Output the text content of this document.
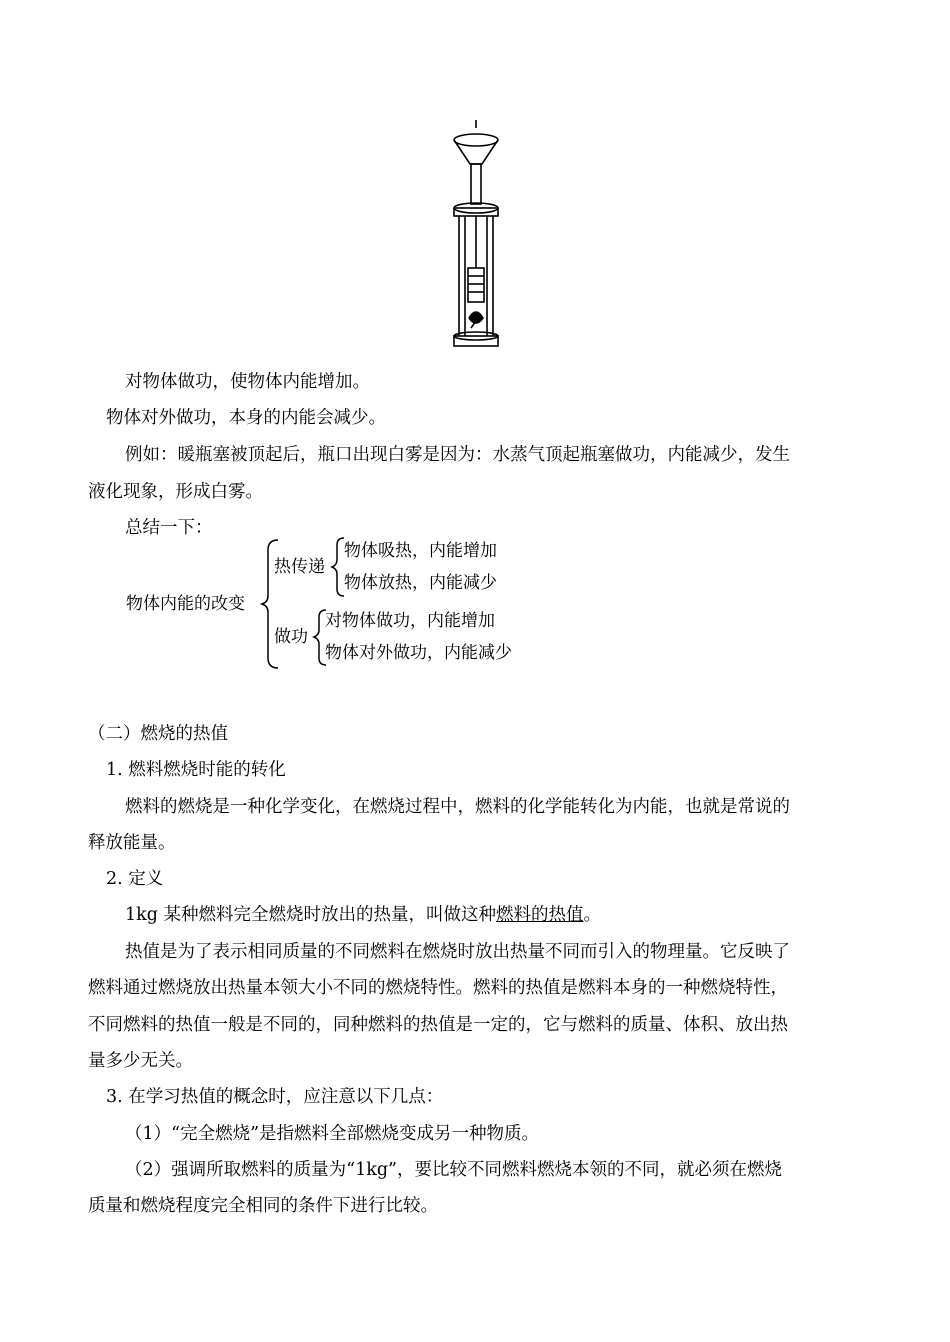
对物体做功，使物体内能增加。
物体对外做功，本身的内能会减少。
例如：暖瓶塞被顶起后，瓶口出现白雾是因为：水蒸气顶起瓶塞做功，内能减少，发生
液化现象，形成白雾。
总结一下：
物体内能的改变
热传递
物体吸热，内能增加
物体放热，内能减少
做功
对物体做功，内能增加
物体对外做功，内能减少
（二）燃烧的热值
1. 燃料燃烧时能的转化
燃料的燃烧是一种化学变化，在燃烧过程中，燃料的化学能转化为内能，也就是常说的
释放能量。
2. 定义
1kg 某种燃料完全燃烧时放出的热量，叫做这种燃料的热值。
热值是为了表示相同质量的不同燃料在燃烧时放出热量不同而引入的物理量。它反映了
燃料通过燃烧放出热量本领大小不同的燃烧特性。燃料的热值是燃料本身的一种燃烧特性，
不同燃料的热值一般是不同的，同种燃料的热值是一定的，它与燃料的质量、体积、放出热
量多少无关。
3. 在学习热值的概念时，应注意以下几点：
（1）“完全燃烧”是指燃料全部燃烧变成另一种物质。
（2）强调所取燃料的质量为“1kg”，要比较不同燃料燃烧本领的不同，就必须在燃烧
质量和燃烧程度完全相同的条件下进行比较。
